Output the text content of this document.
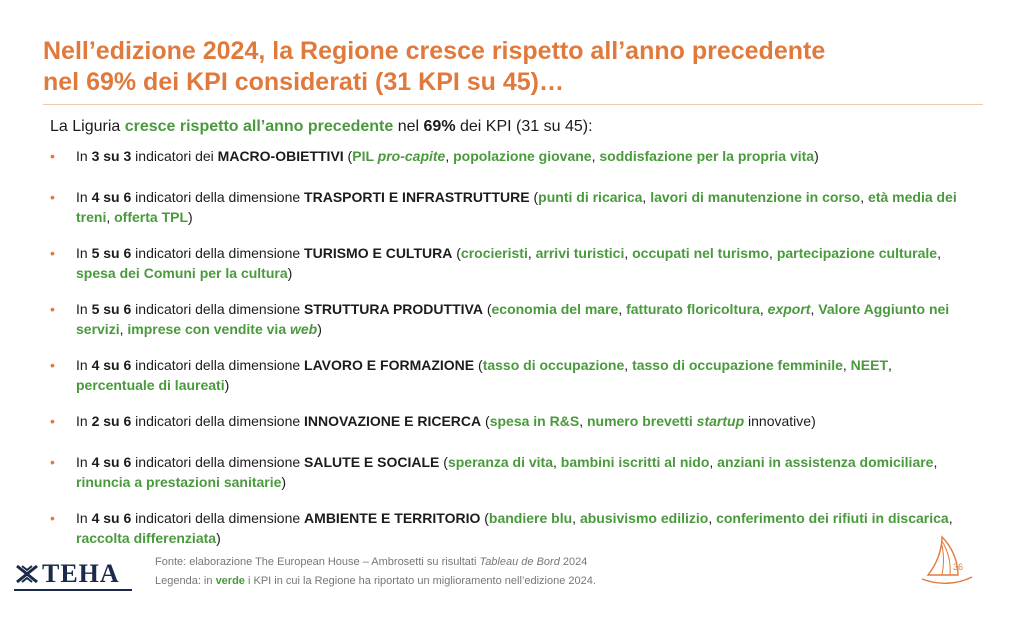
Nell’edizione 2024, la Regione cresce rispetto all’anno precedente
nel 69% dei KPI considerati (31 KPI su 45)…

La Liguria cresce rispetto all’anno precedente nel 69% dei KPI (31 su 45):

• In 3 su 3 indicatori dei MACRO-OBIETTIVI (PIL pro-capite, popolazione giovane, soddisfazione per la propria vita)
• In 4 su 6 indicatori della dimensione TRASPORTI E INFRASTRUTTURE (punti di ricarica, lavori di manutenzione in corso, età media dei treni, offerta TPL)
• In 5 su 6 indicatori della dimensione TURISMO E CULTURA (crocieristi, arrivi turistici, occupati nel turismo, partecipazione culturale, spesa dei Comuni per la cultura)
• In 5 su 6 indicatori della dimensione STRUTTURA PRODUTTIVA (economia del mare, fatturato floricoltura, export, Valore Aggiunto nei servizi, imprese con vendite via web)
• In 4 su 6 indicatori della dimensione LAVORO E FORMAZIONE (tasso di occupazione, tasso di occupazione femminile, NEET, percentuale di laureati)
• In 2 su 6 indicatori della dimensione INNOVAZIONE E RICERCA (spesa in R&S, numero brevetti startup innovative)
• In 4 su 6 indicatori della dimensione SALUTE E SOCIALE (speranza di vita, bambini iscritti al nido, anziani in assistenza domiciliare, rinuncia a prestazioni sanitarie)
• In 4 su 6 indicatori della dimensione AMBIENTE E TERRITORIO (bandiere blu, abusivismo edilizio, conferimento dei rifiuti in discarica, raccolta differenziata)
TEHA	Fonte: elaborazione The European House – Ambrosetti su risultati Tableau de Bord 2024
Legenda: in verde i KPI in cui la Regione ha riportato un miglioramento nell’edizione 2024.
36
